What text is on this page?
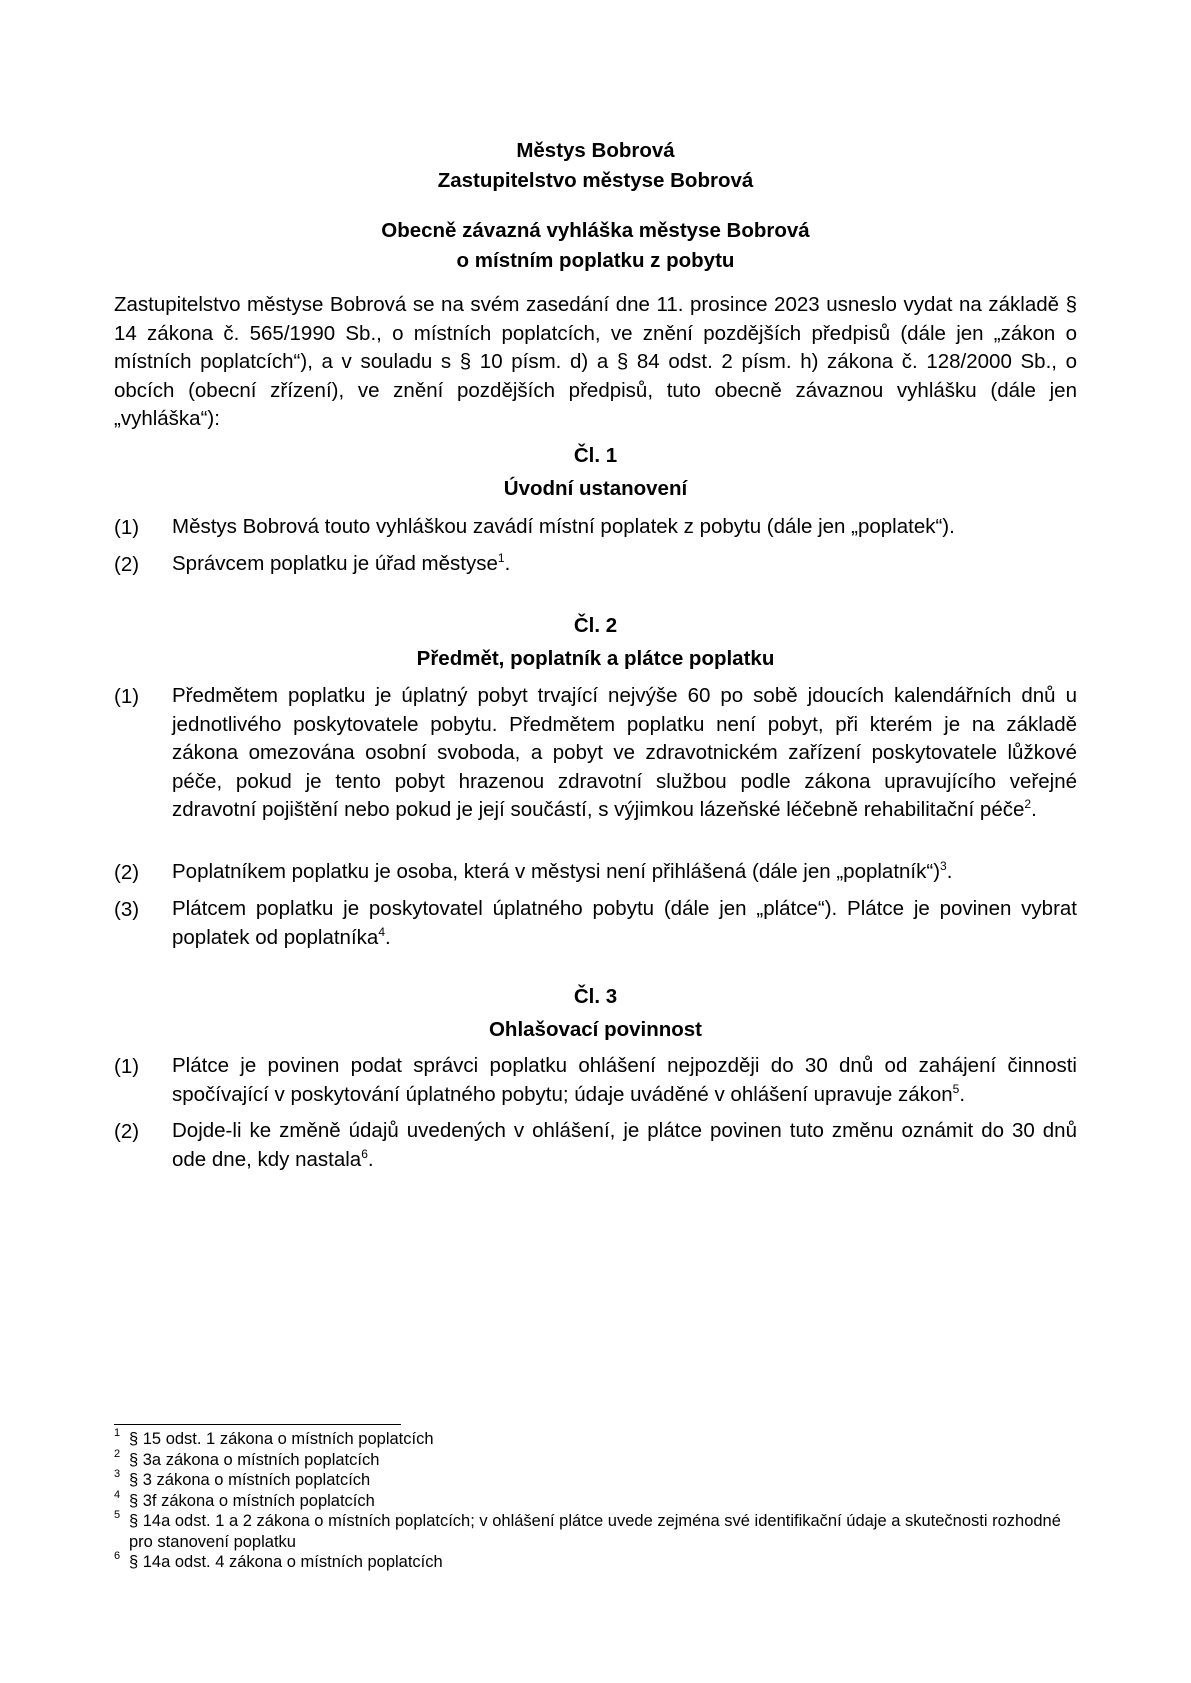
Městys Bobrová
Zastupitelstvo městyse Bobrová
Obecně závazná vyhláška městyse Bobrová
o místním poplatku z pobytu
Zastupitelstvo městyse Bobrová se na svém zasedání dne 11. prosince 2023 usneslo vydat na základě § 14 zákona č. 565/1990 Sb., o místních poplatcích, ve znění pozdějších předpisů (dále jen „zákon o místních poplatcích“), a v souladu s § 10 písm. d) a § 84 odst. 2 písm. h) zákona č. 128/2000 Sb., o obcích (obecní zřízení), ve znění pozdějších předpisů, tuto obecně závaznou vyhlášku (dále jen „vyhláška“):
Čl. 1
Úvodní ustanovení
(1)	Městys Bobrová touto vyhláškou zavádí místní poplatek z pobytu (dále jen „poplatek“).
(2)	Správcem poplatku je úřad městyse$^1$.
Čl. 2
Předmět, poplatník a plátce poplatku
(1)	Předmětem poplatku je úplatný pobyt trvající nejvýše 60 po sobě jdoucích kalendářních dnů u jednotlivého poskytovatele pobytu. Předmětem poplatku není pobyt, při kterém je na základě zákona omezována osobní svoboda, a pobyt ve zdravotnickém zařízení poskytovatele lůžkové péče, pokud je tento pobyt hrazenou zdravotní službou podle zákona upravujícího veřejné zdravotní pojištění nebo pokud je její součástí, s výjimkou lázeňské léčebně rehabilitační péče$^2$.
(2)	Poplatníkem poplatku je osoba, která v městysi není přihlášená (dále jen „poplatník“)$^3$.
(3)	Plátcem poplatku je poskytovatel úplatného pobytu (dále jen „plátce“). Plátce je povinen vybrat poplatek od poplatníka$^4$.
Čl. 3
Ohlašovací povinnost
(1)	Plátce je povinen podat správci poplatku ohlášení nejpozději do 30 dnů od zahájení činnosti spočívající v poskytování úplatného pobytu; údaje uváděné v ohlášení upravuje zákon$^5$.
(2)	Dojde-li ke změně údajů uvedených v ohlášení, je plátce povinen tuto změnu oznámit do 30 dnů ode dne, kdy nastala$^6$.
1 § 15 odst. 1 zákona o místních poplatcích
2 § 3a zákona o místních poplatcích
3 § 3 zákona o místních poplatcích
4 § 3f zákona o místních poplatcích
5 § 14a odst. 1 a 2 zákona o místních poplatcích; v ohlášení plátce uvede zejména své identifikační údaje a skutečnosti rozhodné pro stanovení poplatku
6 § 14a odst. 4 zákona o místních poplatcích
